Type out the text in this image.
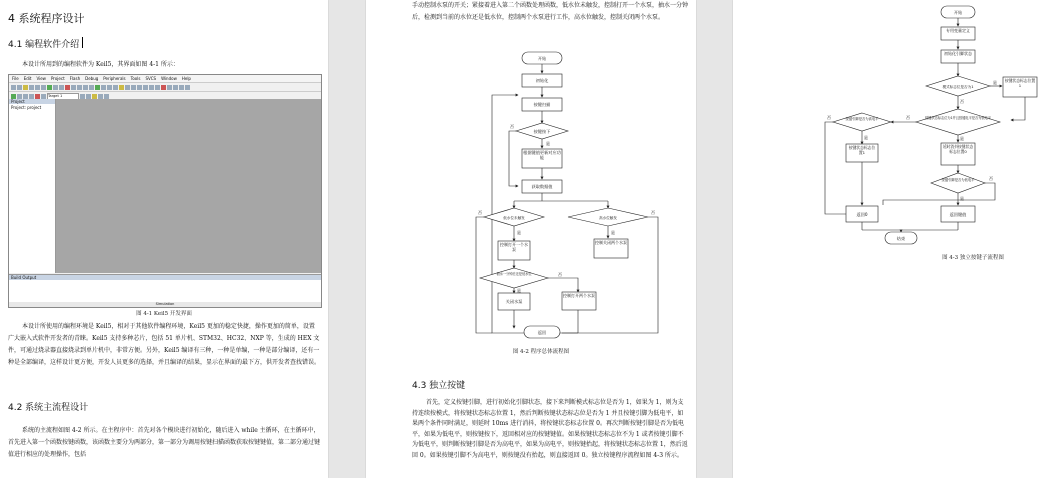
4 系统程序设计
4.1 编程软件介绍
本设计所用到的编程软件为 Keil5，其界面如图 4-1 所示：
File Edit View Project Flash Debug Peripherals Tools SVCS Window Help
Target 1
Project
Project: project
Build Output
Simulation
图 4-1 Keil5 开发界面
本设计所使用的编程环境是 Keil5，相对于其他软件编程环境，Keil5 更加的稳定快捷，操作更加的简单，设置广大嵌入式软件开发者的青睐。Keil5 支持多种芯片，包括 51 单片机、STM32、HC32、NXP 等，生成的 HEX 文件，可通过烧录器直接烧录到单片机中，非常方便。另外，Keil5 编译有三种，一种是单编，一种是部分编译，还有一种是全部编译，这样设计更方便，开发人员更多的选择，并且编译的结果，显示在界面的最下方，供开发者查找错误。
4.2 系统主流程设计
系统的主流程如图 4-2 所示。在主程序中：首先对各个模块进行初始化，随后进入 while 主循环，在主循环中，首先进入第一个函数按键函数，该函数主要分为两部分，第一部分为调用按键扫描函数获取按键键值，第二部分通过键值进行相应的处理操作，包括
手动控制水泵的开关；紧接着进入第二个函数处理函数，低水位未触发，控制打开一个水泵，抽水一分钟后，检测到当前的水位还是低水位，控制两个水泵进行工作，高水位触发，控制关闭两个水泵。
开始
初始化
按键扫描
按键按下
根据键值更新对应功能
获取数据值
低水位未触发	高水位触发
控制打开一个水泵
控制关闭两个水泵
抽水一分钟后还是低水位
关闭水泵
控制打开两个水泵
返回
是
否
是	是
否
是
否
否
图 4-2 程序总体流程图
4.3 独立按键
首先，定义按键引脚，进行初始化引脚状态，接下来判断模式标志位是否为 1，如果为 1，则为支持连续按模式，将按键状态标志位置 1，然后判断按键状态标志位是否为 1 并且按键引脚为低电平，如果两个条件同时满足，则延时 10ms 进行消抖，将按键状态标志位置 0。再次判断按键引脚是否为低电平，如果为低电平，则按键按下，返回相对应的按键键值。如果按键状态标志位不为 1 或者按键引脚不为低电平，则判断按键引脚是否为高电平，如果为高电平，则按键抬起，将按键状态标志位置 1，然后返回 0。如果按键引脚不为高电平，则按键没有抬起，则直接返回 0。独立按键程序流程如图 4-3 所示。
开始
专用变量定义
初始化引脚状态
模式标志位是否为1
按键状态标志位置1
按键状态标志位为1并且按键电平是否为低电平
按键引脚是否为高电平
按键状态标志位置1
延时消抖按键状态标志位置0
按键引脚是否为低电平
返回0	返回键值
结束
是
否
否
是
是
否
是
否
图 4-3 独立按键子流程图
